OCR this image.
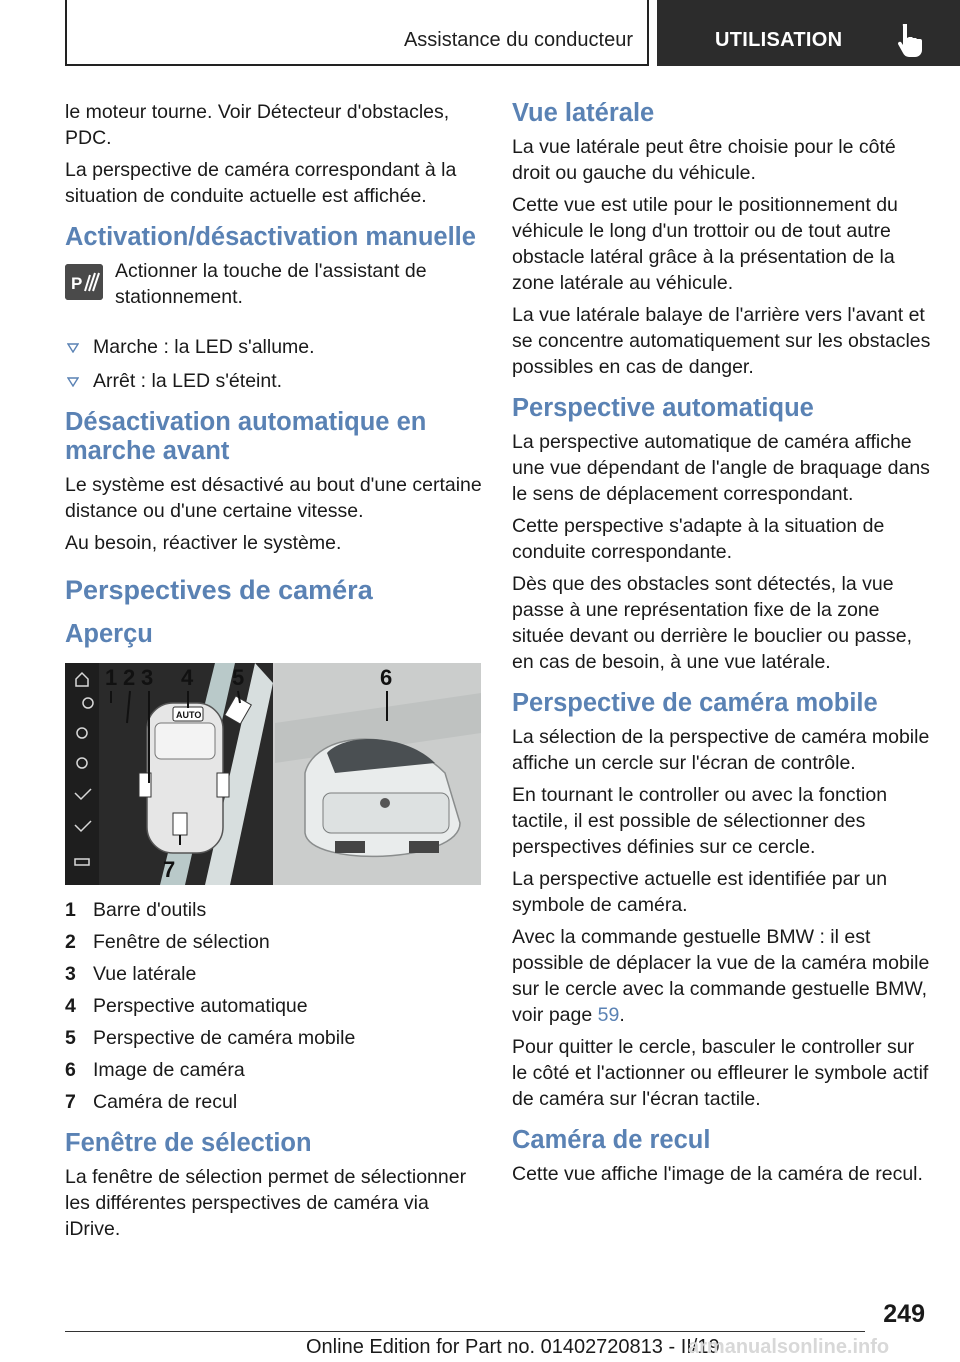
Assistance du conducteur	UTILISATION

le moteur tourne. Voir Détecteur d'obstacles, PDC.

La perspective de caméra correspondant à la situation de conduite actuelle est affichée.

Activation/désactivation manuelle
P

Actionner la touche de l'assistant de stationnement.

Marche : la LED s'allume.
Arrêt : la LED s'éteint.
Désactivation automatique en marche avant

Le système est désactivé au bout d'une certaine distance ou d'une certaine vitesse.

Au besoin, réactiver le système.

Perspectives de caméra
Aperçu
AUTO
1 2 3 4 5	6
7
1 Barre d'outils
2 Fenêtre de sélection
3 Vue latérale
4 Perspective automatique
5 Perspective de caméra mobile
6 Image de caméra
7 Caméra de recul
Fenêtre de sélection

La fenêtre de sélection permet de sélectionner les différentes perspectives de caméra via iDrive.

Vue latérale

La vue latérale peut être choisie pour le côté droit ou gauche du véhicule.

Cette vue est utile pour le positionnement du véhicule le long d'un trottoir ou de tout autre obstacle latéral grâce à la présentation de la zone latérale au véhicule.

La vue latérale balaye de l'arrière vers l'avant et se concentre automatiquement sur les obstacles possibles en cas de danger.

Perspective automatique

La perspective automatique de caméra affiche une vue dépendant de l'angle de braquage dans le sens de déplacement correspondant.

Cette perspective s'adapte à la situation de conduite correspondante.

Dès que des obstacles sont détectés, la vue passe à une représentation fixe de la zone située devant ou derrière le bouclier ou passe, en cas de besoin, à une vue latérale.

Perspective de caméra mobile

La sélection de la perspective de caméra mobile affiche un cercle sur l'écran de contrôle.

En tournant le controller ou avec la fonction tactile, il est possible de sélectionner des perspectives définies sur ce cercle.

La perspective actuelle est identifiée par un symbole de caméra.

Avec la commande gestuelle BMW : il est possible de déplacer la vue de la caméra mobile sur le cercle avec la commande gestuelle BMW, voir page 59.

Pour quitter le cercle, basculer le controller sur le côté et l'actionner ou effleurer le symbole actif de caméra sur l'écran tactile.

Caméra de recul

Cette vue affiche l'image de la caméra de recul.

249
Online Edition for Part no. 01402720813 - II/19
armanualsonline.info
